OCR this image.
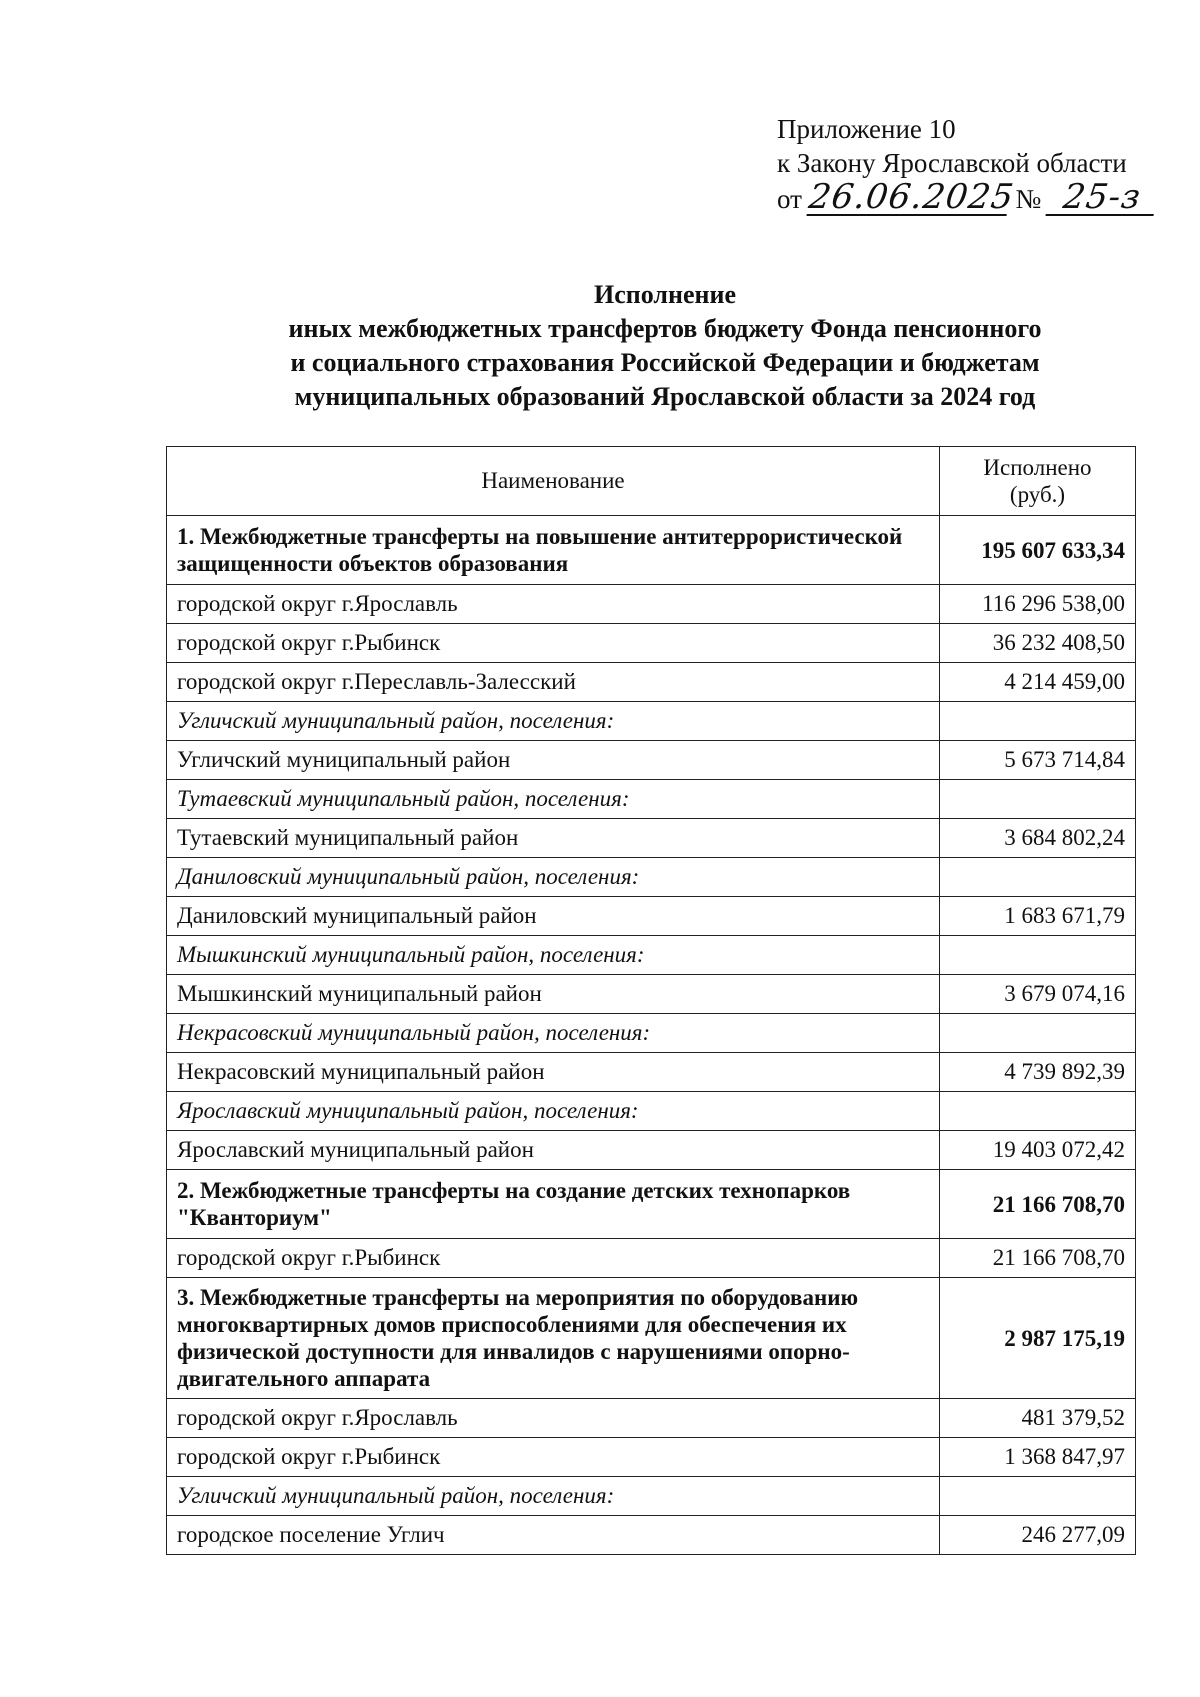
Приложение 10
к Закону Ярославской области
от 26.06.2025 № 25-з
Исполнение
иных межбюджетных трансфертов бюджету Фонда пенсионного
и социального страхования Российской Федерации и бюджетам
муниципальных образований Ярославской области за 2024 год
Наименование	Исполнено
(руб.)
1. Межбюджетные трансферты на повышение антитеррористической защищенности объектов образования	195 607 633,34
городской округ г.Ярославль	116 296 538,00
городской округ г.Рыбинск	36 232 408,50
городской округ г.Переславль-Залесский	4 214 459,00
Угличский муниципальный район, поселения:	
Угличский муниципальный район	5 673 714,84
Тутаевский муниципальный район, поселения:	
Тутаевский муниципальный район	3 684 802,24
Даниловский муниципальный район, поселения:	
Даниловский муниципальный район	1 683 671,79
Мышкинский муниципальный район, поселения:	
Мышкинский муниципальный район	3 679 074,16
Некрасовский муниципальный район, поселения:	
Некрасовский муниципальный район	4 739 892,39
Ярославский муниципальный район, поселения:	
Ярославский муниципальный район	19 403 072,42
2. Межбюджетные трансферты на создание детских технопарков "Кванториум"	21 166 708,70
городской округ г.Рыбинск	21 166 708,70
3. Межбюджетные трансферты на мероприятия по оборудованию многоквартирных домов приспособлениями для обеспечения их физической доступности для инвалидов с нарушениями опорно-двигательного аппарата	2 987 175,19
городской округ г.Ярославль	481 379,52
городской округ г.Рыбинск	1 368 847,97
Угличский муниципальный район, поселения:	
городское поселение Углич	246 277,09
